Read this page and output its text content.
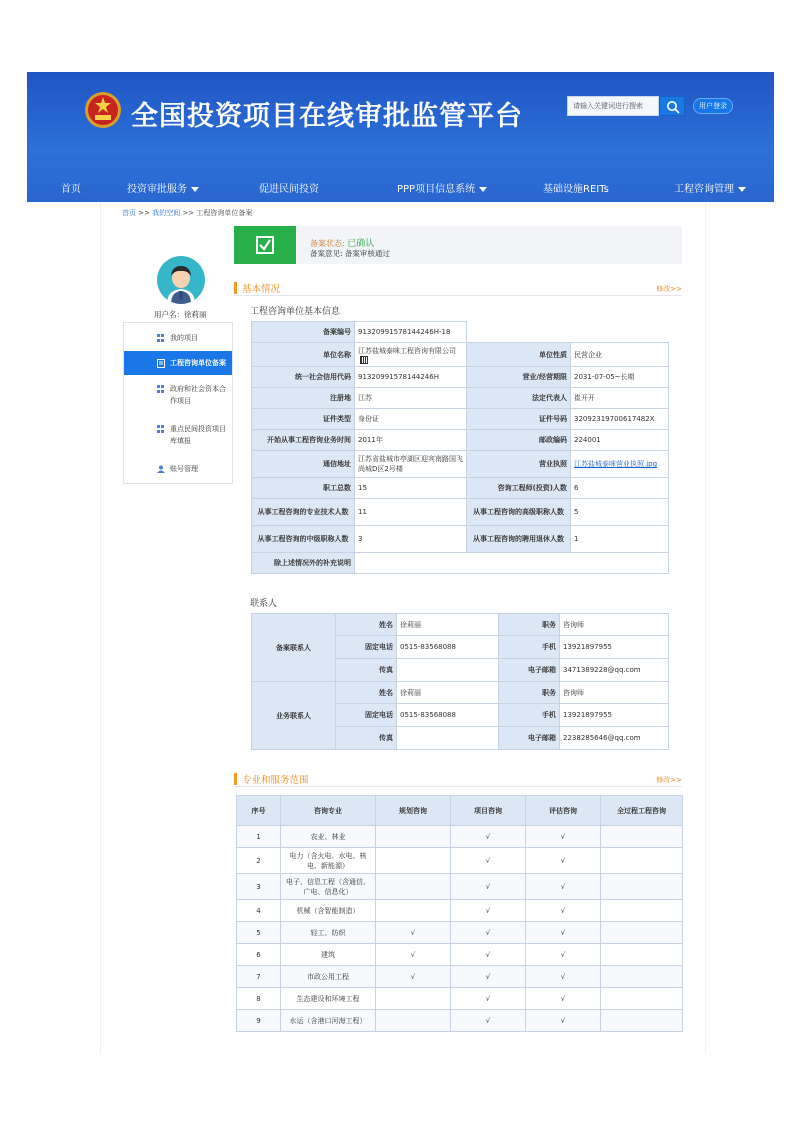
全国投资项目在线审批监管平台	请输入关键词进行搜索	用户登录
首页	投资审批服务	促进民间投资	PPP项目信息系统	基础设施REITs	工程咨询管理
首页 >> 我的空间 >> 工程咨询单位备案
备案状态: 已确认
备案意见: 备案审核通过
用户名：徐莉丽
我的项目
工程咨询单位备案
政府和社会资本合作项目
重点民间投资项目库填报
账号管理
基本情况	修改>>
工程咨询单位基本信息
备案编号	91320991578144246H-18		
单位名称	江苏盐城泰咪工程咨询有限公司	单位性质	民营企业
统一社会信用代码	91320991578144246H	营业/经营期限	2031-07-05~长期
注册地	江苏	法定代表人	崔开开
证件类型	身份证	证件号码	320923197006174​82X
开始从事工程咨询业务时间	2011年	邮政编码	224001
通信地址	江苏省盐城市亭湖区迎宾南路国飞尚城D区2号楼	营业执照	江苏盐城泰咪营业执照.jpg
职工总数	15	咨询工程师(投资)人数	6
从事工程咨询的专业技术人数	11	从事工程咨询的高级职称人数	5
从事工程咨询的中级职称人数	3	从事工程咨询的聘用退休人数	1
除上述情况外的补充说明			
联系人
备案联系人	姓名	徐莉丽	职务	咨询师
	固定电话	0515-83568088	手机	13921897955
	传真		电子邮箱	3471389228@qq.com
业务联系人	姓名	徐莉丽	职务	咨询师
	固定电话	0515-83568088	手机	13921897955
	传真		电子邮箱	2238285646@qq.com
专业和服务范围	修改>>
序号	咨询专业	规划咨询	项目咨询	评估咨询	全过程工程咨询
1	农业、林业		√	√	
2	电力（含火电、水电、核电、新能源）		√	√	
3	电子、信息工程（含通信、广电、信息化）		√	√	
4	机械（含智能制造）		√	√	
5	轻工、纺织	√	√	√	
6	建筑	√	√	√	
7	市政公用工程	√	√	√	
8	生态建设和环境工程		√	√	
9	水运（含港口河海工程）		√	√	
